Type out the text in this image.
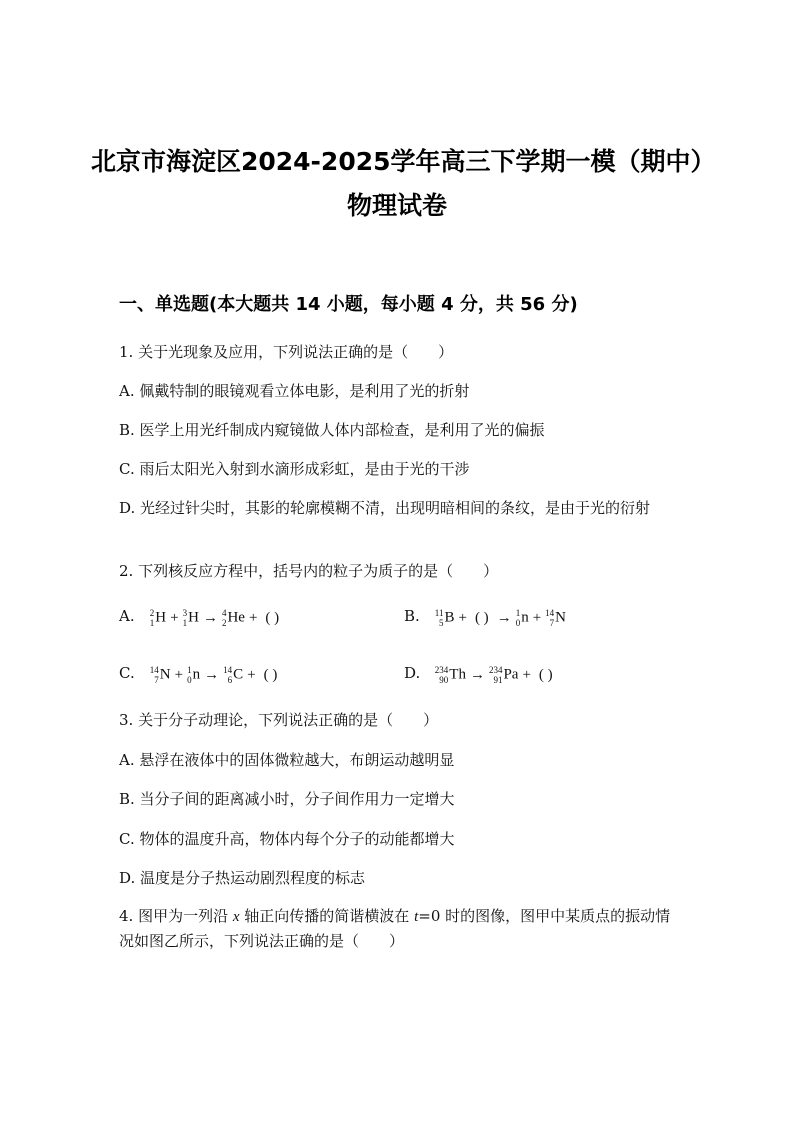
北京市海淀区2024-2025学年高三下学期一模（期中）物理试卷
一、单选题(本大题共 14 小题，每小题 4 分，共 56 分)
1. 关于光现象及应用，下列说法正确的是（　　）
A. 佩戴特制的眼镜观看立体电影，是利用了光的折射
B. 医学上用光纤制成内窥镜做人体内部检查，是利用了光的偏振
C. 雨后太阳光入射到水滴形成彩虹，是由于光的干涉
D. 光经过针尖时，其影的轮廓模糊不清，出现明暗相间的条纹，是由于光的衍射
2. 下列核反应方程中，括号内的粒子为质子的是（　　）
A. 2
1 H + 3
1 H → 4
2 He + ( )	B. 11
5 B + ( ) → 1
0 n + 14
7 N
C. 14
7 N + 1
0 n → 14
6 C + ( )	D. 234
90 Th → 234
91 Pa + ( )
3. 关于分子动理论，下列说法正确的是（　　）
A. 悬浮在液体中的固体微粒越大，布朗运动越明显
B. 当分子间的距离减小时，分子间作用力一定增大
C. 物体的温度升高，物体内每个分子的动能都增大
D. 温度是分子热运动剧烈程度的标志
4. 图甲为一列沿 x 轴正向传播的简谐横波在 t=0 时的图像，图甲中某质点的振动情况如图乙所示，下列说法正确的是（　　）
